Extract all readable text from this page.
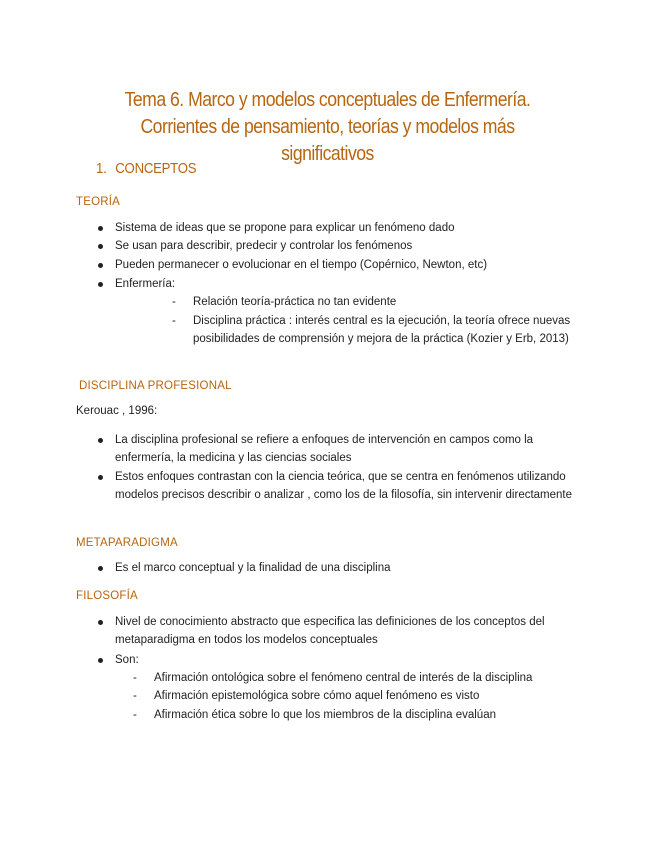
Tema 6. Marco y modelos conceptuales de Enfermería. Corrientes de pensamiento, teorías y modelos más significativos
1. CONCEPTOS
TEORÍA
Sistema de ideas que se propone para explicar un fenómeno dado
Se usan para describir, predecir y controlar los fenómenos
Pueden permanecer o evolucionar en el tiempo (Copérnico, Newton, etc)
Enfermería:
- Relación teoría-práctica no tan evidente
- Disciplina práctica : interés central es la ejecución, la teoría ofrece nuevas posibilidades de comprensión y mejora de la práctica (Kozier y Erb, 2013)
DISCIPLINA PROFESIONAL
Kerouac , 1996:
La disciplina profesional se refiere a enfoques de intervención en campos como la enfermería, la medicina y las ciencias sociales
Estos enfoques contrastan con la ciencia teórica, que se centra en fenómenos utilizando modelos precisos describir o analizar , como los de la filosofía, sin intervenir directamente
METAPARADIGMA
Es el marco conceptual y la finalidad de una disciplina
FILOSOFÍA
Nivel de conocimiento abstracto que especifica las definiciones de los conceptos del metaparadigma en todos los modelos conceptuales
Son:
- Afirmación ontológica sobre el fenómeno central de interés de la disciplina
- Afirmación epistemológica sobre cómo aquel fenómeno es visto
- Afirmación ética sobre lo que los miembros de la disciplina evalúan
